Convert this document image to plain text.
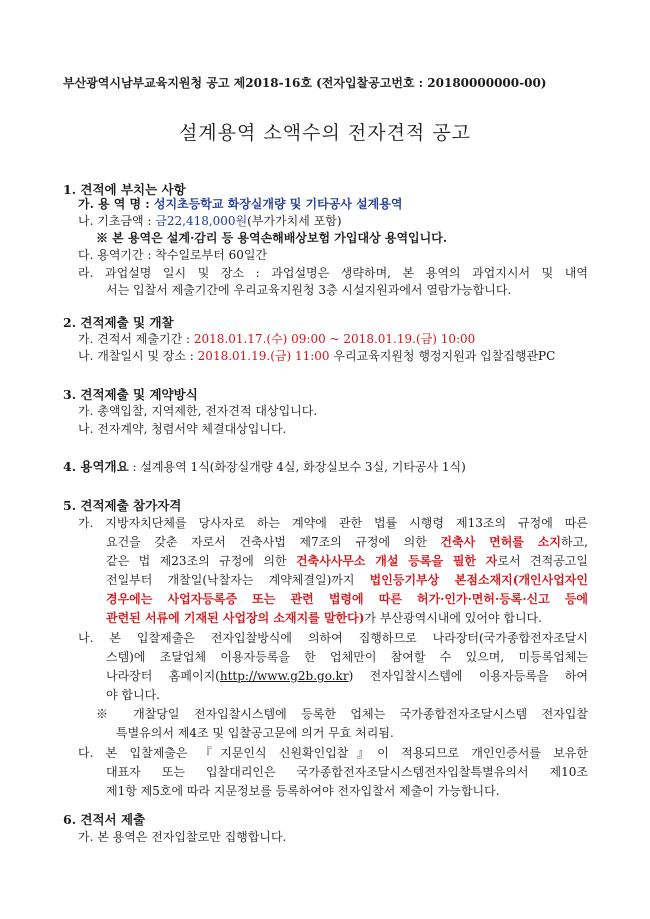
부산광역시남부교육지원청 공고 제2018-16호 (전자입찰공고번호 : 20180000000-00)
설계용역 소액수의 전자견적 공고
1. 견적에 부치는 사항
가. 용 역 명 : 성지초등학교 화장실개량 및 기타공사 설계용역
나. 기초금액 : 금22,418,000원(부가가치세 포함)
※ 본 용역은 설계·감리 등 용역손해배상보험 가입대상 용역입니다.
다. 용역기간 : 착수일로부터 60일간
라. 과업설명 일시 및 장소 : 과업설명은 생략하며, 본 용역의 과업지시서 및 내역
서는 입찰서 제출기간에 우리교육지원청 3층 시설지원과에서 열람가능합니다.
2. 견적제출 및 개찰
가. 견적서 제출기간 : 2018.01.17.(수) 09:00 ~ 2018.01.19.(금) 10:00
나. 개찰일시 및 장소 : 2018.01.19.(금) 11:00 우리교육지원청 행정지원과 입찰집행관PC
3. 견적제출 및 계약방식
가. 총액입찰, 지역제한, 전자견적 대상입니다.
나. 전자계약, 청렴서약 체결대상입니다.
4. 용역개요 : 설계용역 1식(화장실개량 4실, 화장실보수 3실, 기타공사 1식)
5. 견적제출 참가자격
가. 지방자치단체를 당사자로 하는 계약에 관한 법률 시행령 제13조의 규정에 따른
요건을 갖춘 자로서 건축사법 제7조의 규정에 의한 건축사 면허를 소지하고,
같은 법 제23조의 규정에 의한 건축사사무소 개설 등록을 필한 자로서 견적공고일
전일부터 개찰일(낙찰자는 계약체결일)까지 법인등기부상 본점소재지(개인사업자인
경우에는 사업자등록증 또는 관련 법령에 따른 허가·인가·면허·등록·신고 등에
관련된 서류에 기재된 사업장의 소재지를 말한다)가 부산광역시내에 있어야 합니다.
나. 본 입찰제출은 전자입찰방식에 의하여 집행하므로 나라장터(국가종합전자조달시
스템)에 조달업체 이용자등록을 한 업체만이 참여할 수 있으며, 미등록업체는
나라장터 홈페이지(http://www.g2b.go.kr) 전자입찰시스템에 이용자등록을 하여
야 합니다.
※ 개찰당일 전자입찰시스템에 등록한 업체는 국가종합전자조달시스템 전자입찰
특별유의서 제4조 및 입찰공고문에 의거 무효 처리됨.
다. 본 입찰제출은 『지문인식 신원확인입찰』이 적용되므로 개인인증서를 보유한
대표자 또는 입찰대리인은 국가종합전자조달시스템전자입찰특별유의서 제10조
제1항 제5호에 따라 지문정보를 등록하여야 전자입찰서 제출이 가능합니다.
6. 견적서 제출
가. 본 용역은 전자입찰로만 집행합니다.
